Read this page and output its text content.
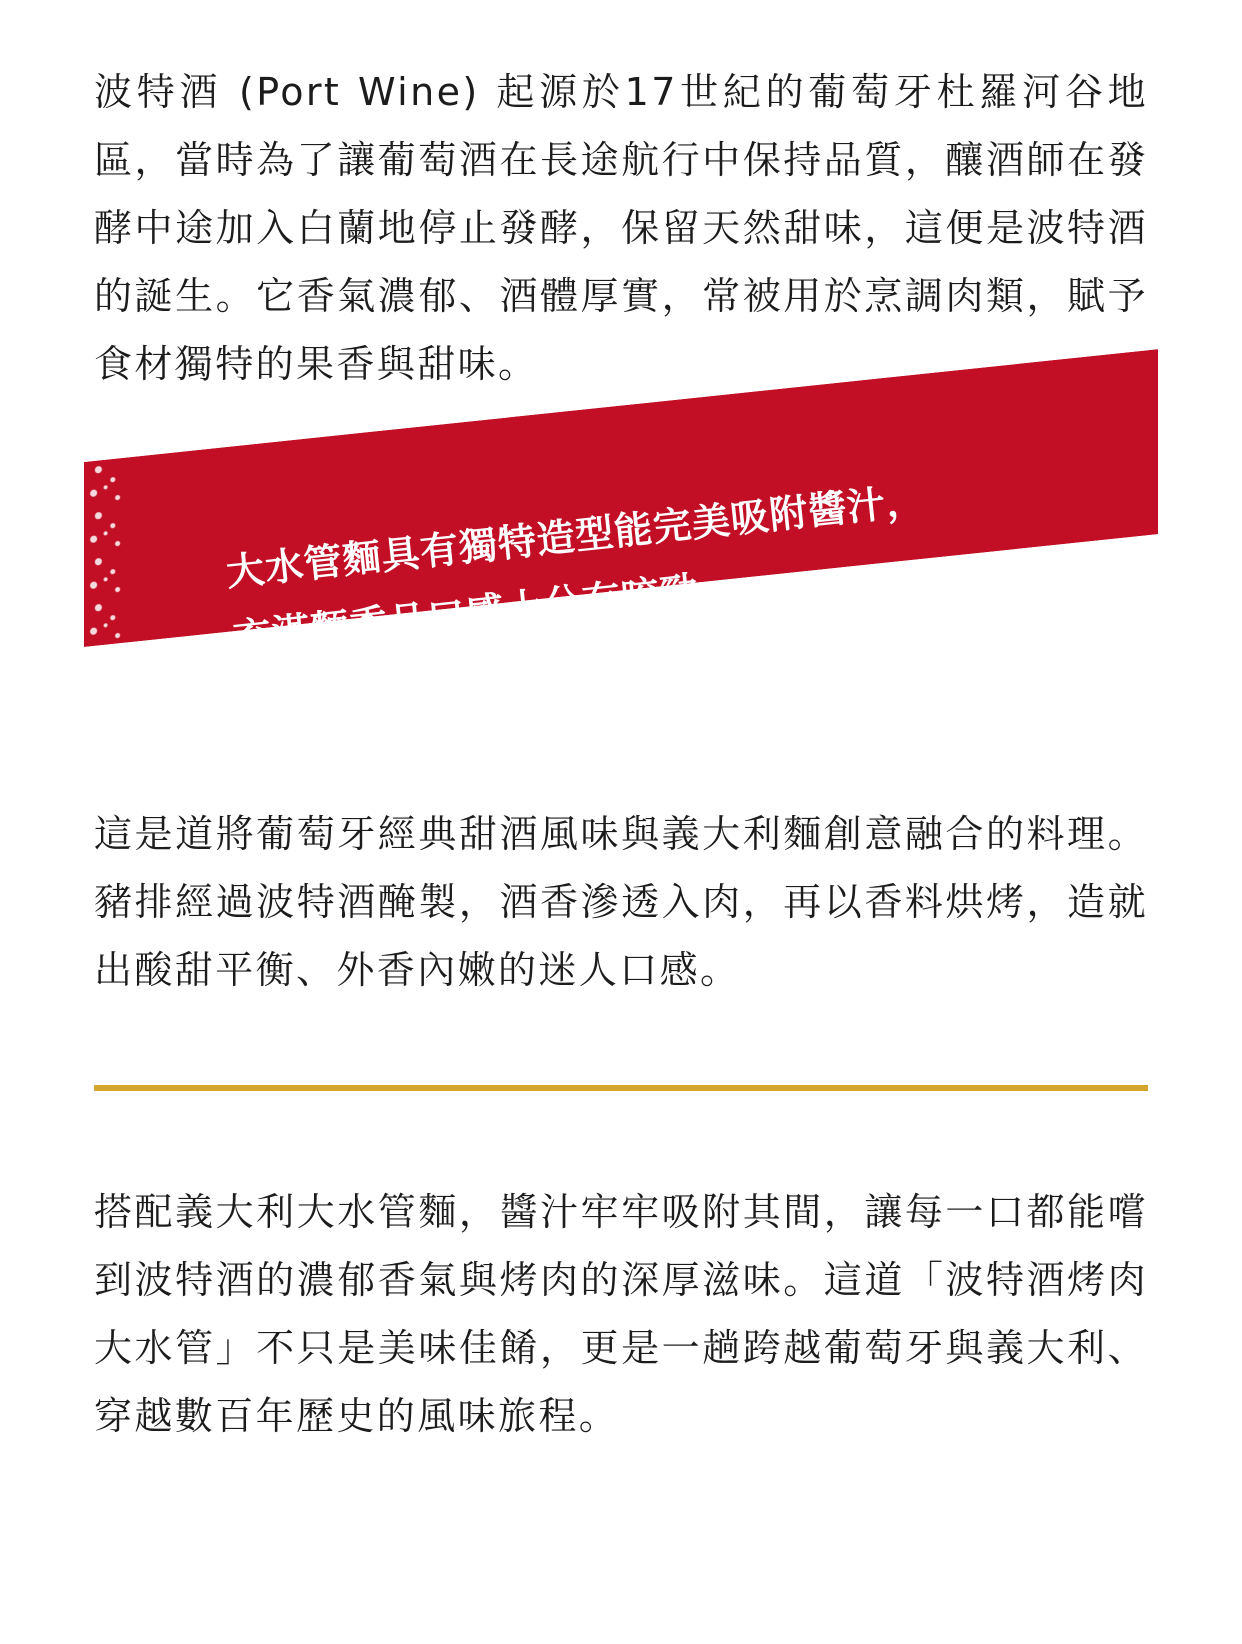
波特酒 (Port Wine) 起源於17世紀的葡萄牙杜羅河谷地區，當時為了讓葡萄酒在長途航行中保持品質，釀酒師在發酵中途加入白蘭地停止發酵，保留天然甜味，這便是波特酒的誕生。它香氣濃郁、酒體厚實，常被用於烹調肉類，賦予食材獨特的果香與甜味。

大水管麵具有獨特造型能完美吸附醬汁，
充滿麵香且口感十分有咬勁

這是道將葡萄牙經典甜酒風味與義大利麵創意融合的料理。豬排經過波特酒醃製，酒香滲透入肉，再以香料烘烤，造就出酸甜平衡、外香內嫩的迷人口感。

搭配義大利大水管麵，醬汁牢牢吸附其間，讓每一口都能嚐到波特酒的濃郁香氣與烤肉的深厚滋味。這道「波特酒烤肉大水管」不只是美味佳餚，更是一趟跨越葡萄牙與義大利、穿越數百年歷史的風味旅程。
